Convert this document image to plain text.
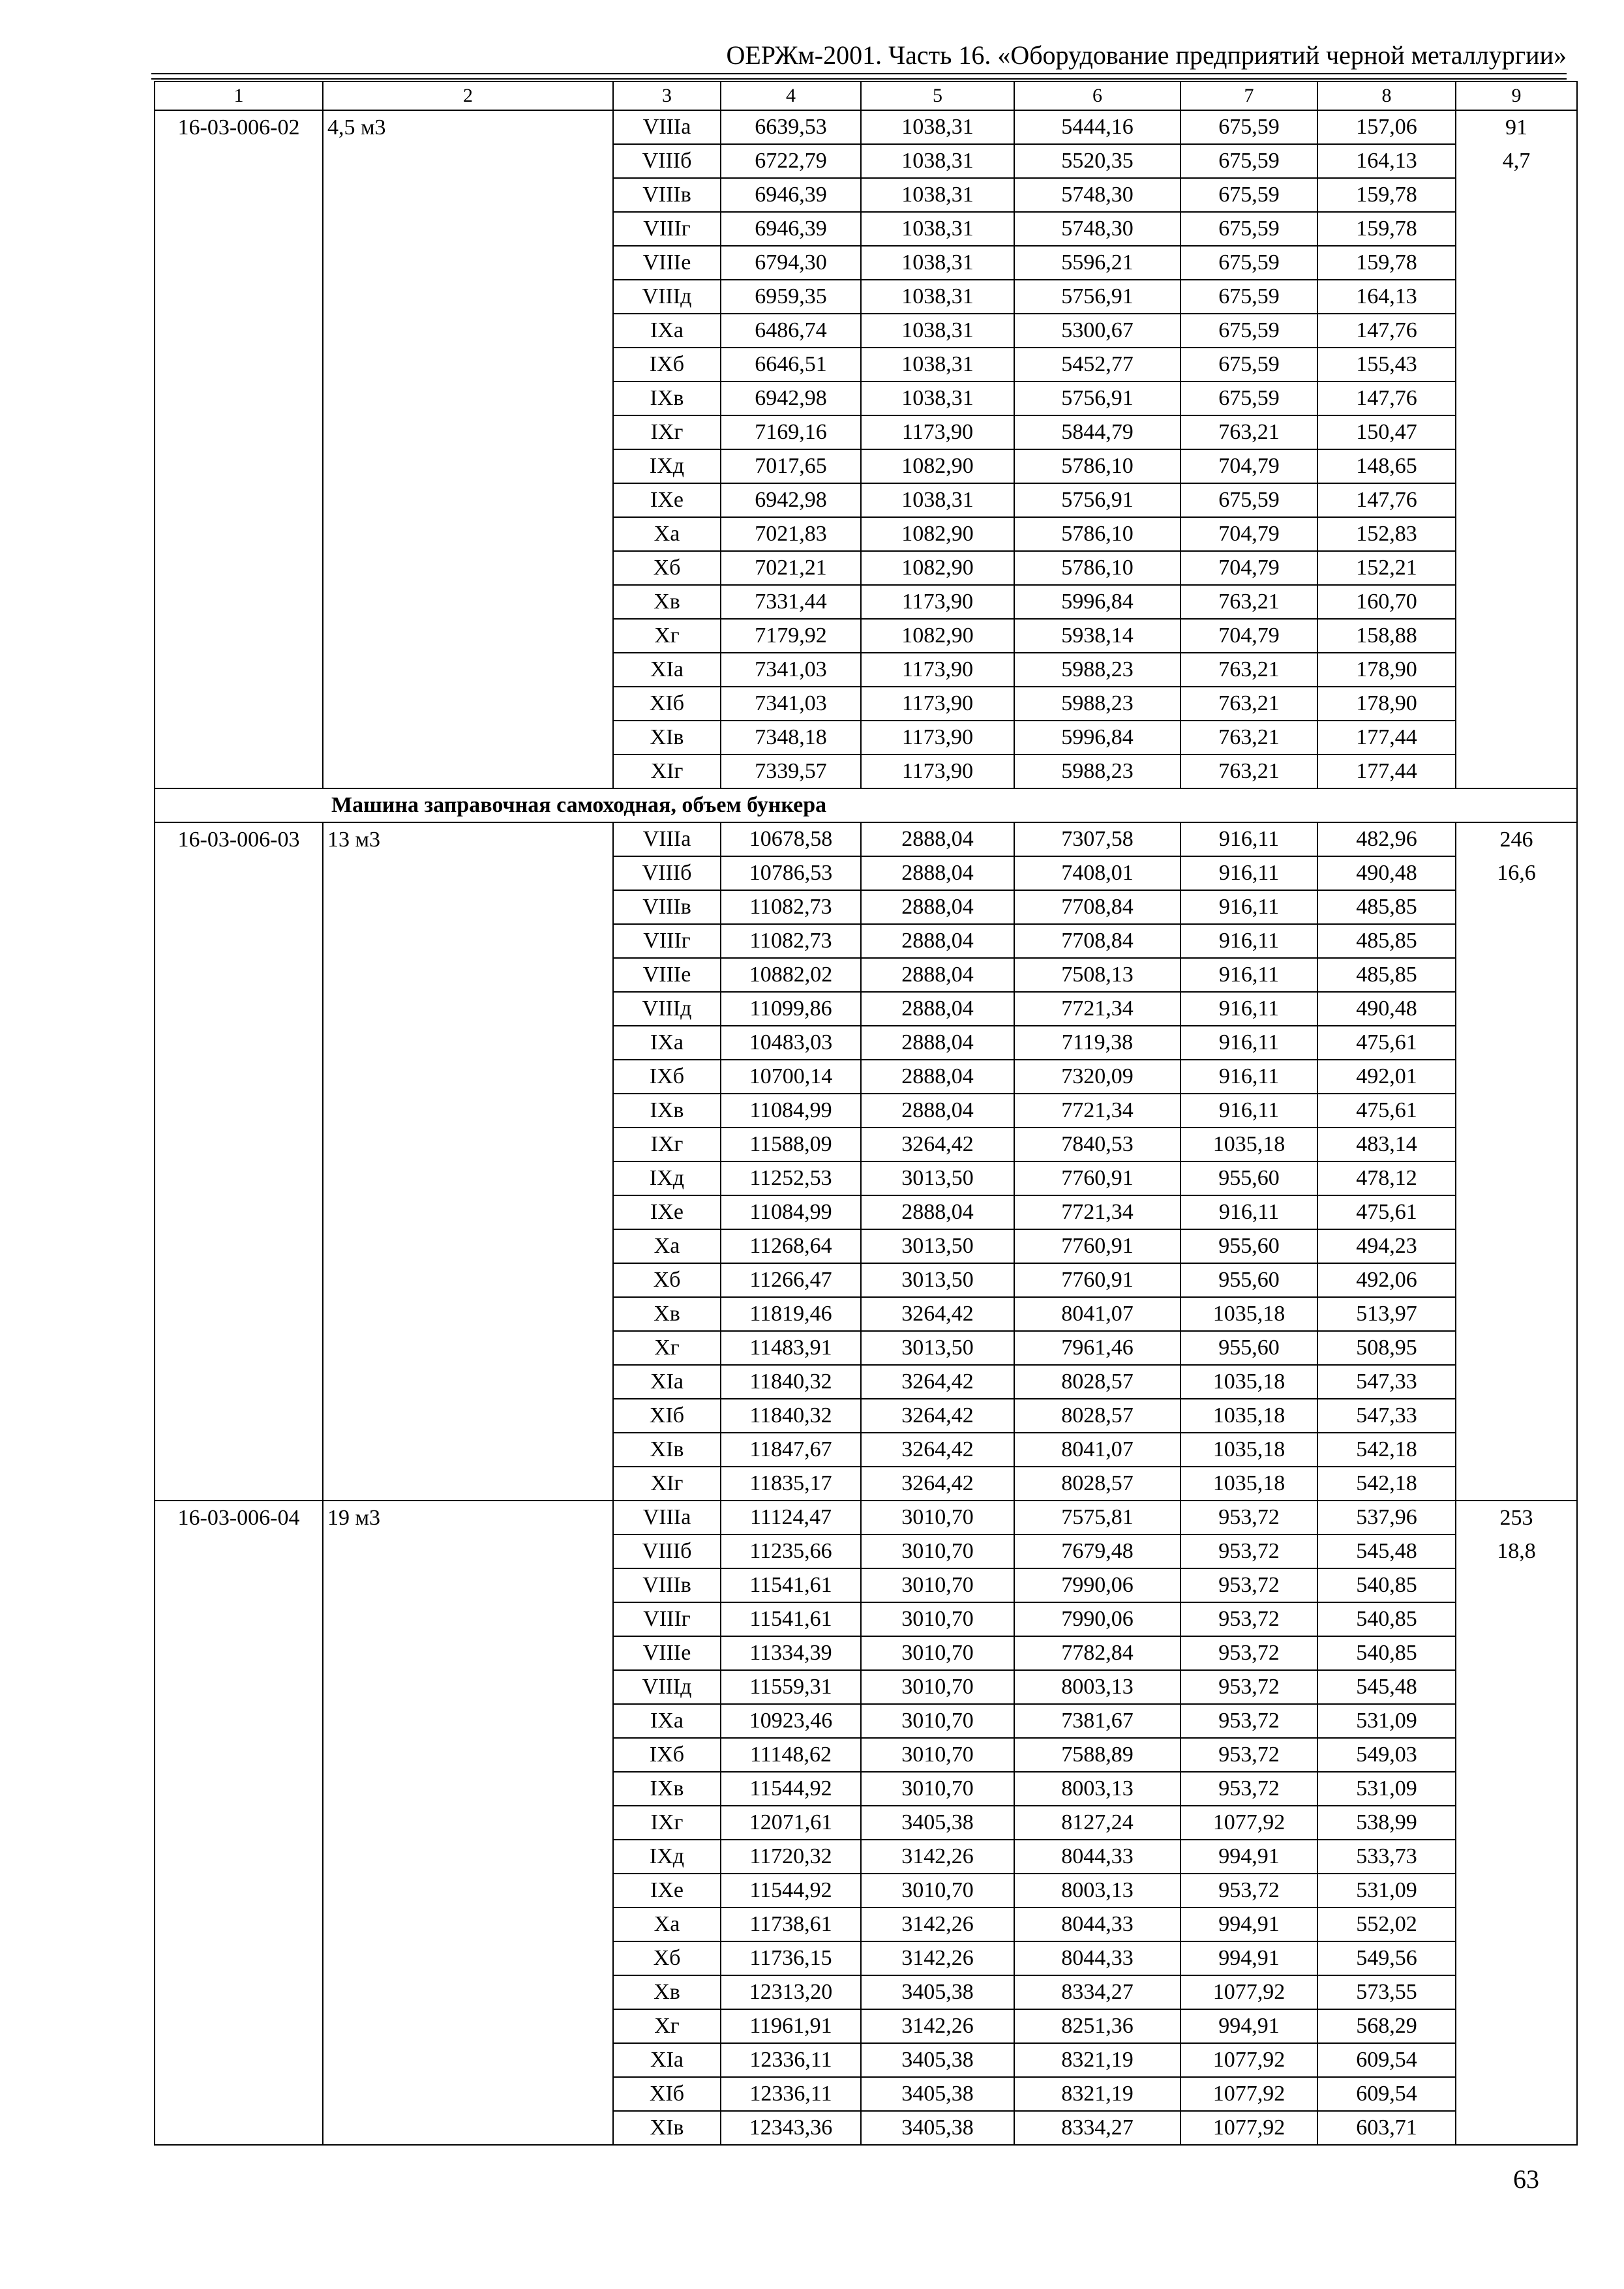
ОЕРЖм-2001. Часть 16. «Оборудование предприятий черной металлургии»
1	2	3	4	5	6	7	8	9
16-03-006-02	4,5 м3	VIIIа	6639,53	1038,31	5444,16	675,59	157,06	91
		VIIIб	6722,79	1038,31	5520,35	675,59	164,13	4,7
		VIIIв	6946,39	1038,31	5748,30	675,59	159,78	
		VIIIг	6946,39	1038,31	5748,30	675,59	159,78	
		VIIIе	6794,30	1038,31	5596,21	675,59	159,78	
		VIIIд	6959,35	1038,31	5756,91	675,59	164,13	
		IXа	6486,74	1038,31	5300,67	675,59	147,76	
		IXб	6646,51	1038,31	5452,77	675,59	155,43	
		IXв	6942,98	1038,31	5756,91	675,59	147,76	
		IXг	7169,16	1173,90	5844,79	763,21	150,47	
		IXд	7017,65	1082,90	5786,10	704,79	148,65	
		IXе	6942,98	1038,31	5756,91	675,59	147,76	
		Xа	7021,83	1082,90	5786,10	704,79	152,83	
		Xб	7021,21	1082,90	5786,10	704,79	152,21	
		Xв	7331,44	1173,90	5996,84	763,21	160,70	
		Xг	7179,92	1082,90	5938,14	704,79	158,88	
		XIа	7341,03	1173,90	5988,23	763,21	178,90	
		XIб	7341,03	1173,90	5988,23	763,21	178,90	
		XIв	7348,18	1173,90	5996,84	763,21	177,44	
		XIг	7339,57	1173,90	5988,23	763,21	177,44	
Машина заправочная самоходная, объем бункера								
16-03-006-03	13 м3	VIIIа	10678,58	2888,04	7307,58	916,11	482,96	246
		VIIIб	10786,53	2888,04	7408,01	916,11	490,48	16,6
		VIIIв	11082,73	2888,04	7708,84	916,11	485,85	
		VIIIг	11082,73	2888,04	7708,84	916,11	485,85	
		VIIIе	10882,02	2888,04	7508,13	916,11	485,85	
		VIIIд	11099,86	2888,04	7721,34	916,11	490,48	
		IXа	10483,03	2888,04	7119,38	916,11	475,61	
		IXб	10700,14	2888,04	7320,09	916,11	492,01	
		IXв	11084,99	2888,04	7721,34	916,11	475,61	
		IXг	11588,09	3264,42	7840,53	1035,18	483,14	
		IXд	11252,53	3013,50	7760,91	955,60	478,12	
		IXе	11084,99	2888,04	7721,34	916,11	475,61	
		Xа	11268,64	3013,50	7760,91	955,60	494,23	
		Xб	11266,47	3013,50	7760,91	955,60	492,06	
		Xв	11819,46	3264,42	8041,07	1035,18	513,97	
		Xг	11483,91	3013,50	7961,46	955,60	508,95	
		XIа	11840,32	3264,42	8028,57	1035,18	547,33	
		XIб	11840,32	3264,42	8028,57	1035,18	547,33	
		XIв	11847,67	3264,42	8041,07	1035,18	542,18	
		XIг	11835,17	3264,42	8028,57	1035,18	542,18	
16-03-006-04	19 м3	VIIIа	11124,47	3010,70	7575,81	953,72	537,96	253
		VIIIб	11235,66	3010,70	7679,48	953,72	545,48	18,8
		VIIIв	11541,61	3010,70	7990,06	953,72	540,85	
		VIIIг	11541,61	3010,70	7990,06	953,72	540,85	
		VIIIе	11334,39	3010,70	7782,84	953,72	540,85	
		VIIIд	11559,31	3010,70	8003,13	953,72	545,48	
		IXа	10923,46	3010,70	7381,67	953,72	531,09	
		IXб	11148,62	3010,70	7588,89	953,72	549,03	
		IXв	11544,92	3010,70	8003,13	953,72	531,09	
		IXг	12071,61	3405,38	8127,24	1077,92	538,99	
		IXд	11720,32	3142,26	8044,33	994,91	533,73	
		IXе	11544,92	3010,70	8003,13	953,72	531,09	
		Xа	11738,61	3142,26	8044,33	994,91	552,02	
		Xб	11736,15	3142,26	8044,33	994,91	549,56	
		Xв	12313,20	3405,38	8334,27	1077,92	573,55	
		Xг	11961,91	3142,26	8251,36	994,91	568,29	
		XIа	12336,11	3405,38	8321,19	1077,92	609,54	
		XIб	12336,11	3405,38	8321,19	1077,92	609,54	
		XIв	12343,36	3405,38	8334,27	1077,92	603,71	
63
